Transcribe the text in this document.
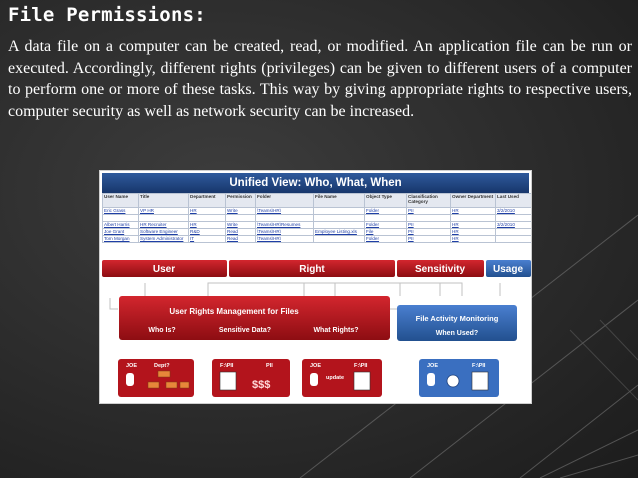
File Permissions:
A data file on a computer can be created, read, or modified. An application file can be run or executed. Accordingly, different rights (privileges) can be given to different users of a computer to perform one or more of these tasks. This way by giving appropriate rights to respective users, computer security as well as network security can be increased.
Unified View: Who, What, When
User Name	Title	Department	Permission	Folder	File Name	Object Type	Classification Category	Owner Department	Last Used
Eric Grass	VP HR	HR	Write	\Teams\HR\		Folder	PII	HR	3/2/2010

Albert Harris	HR Recruiter	HR	Write	\Teams\HR\Resumes		Folder	PII	HR	3/2/2010
Joe Grant	Software Engineer	R&D	Read	\Teams\HR\	Employee Listing.xls	File	PII	HR	
Tom Morgan	System Administrator	IT	Read	\Teams\HR\		Folder	PII	HR	
User	Right	Sensitivity	Usage
User Rights Management for Files
Who Is?	Sensitive Data?	What Rights?
File Activity Monitoring
When Used?
JOE	Dept?	F:\PII	PII
$$$
JOE	F:\PII
update
JOE	F:\PII
